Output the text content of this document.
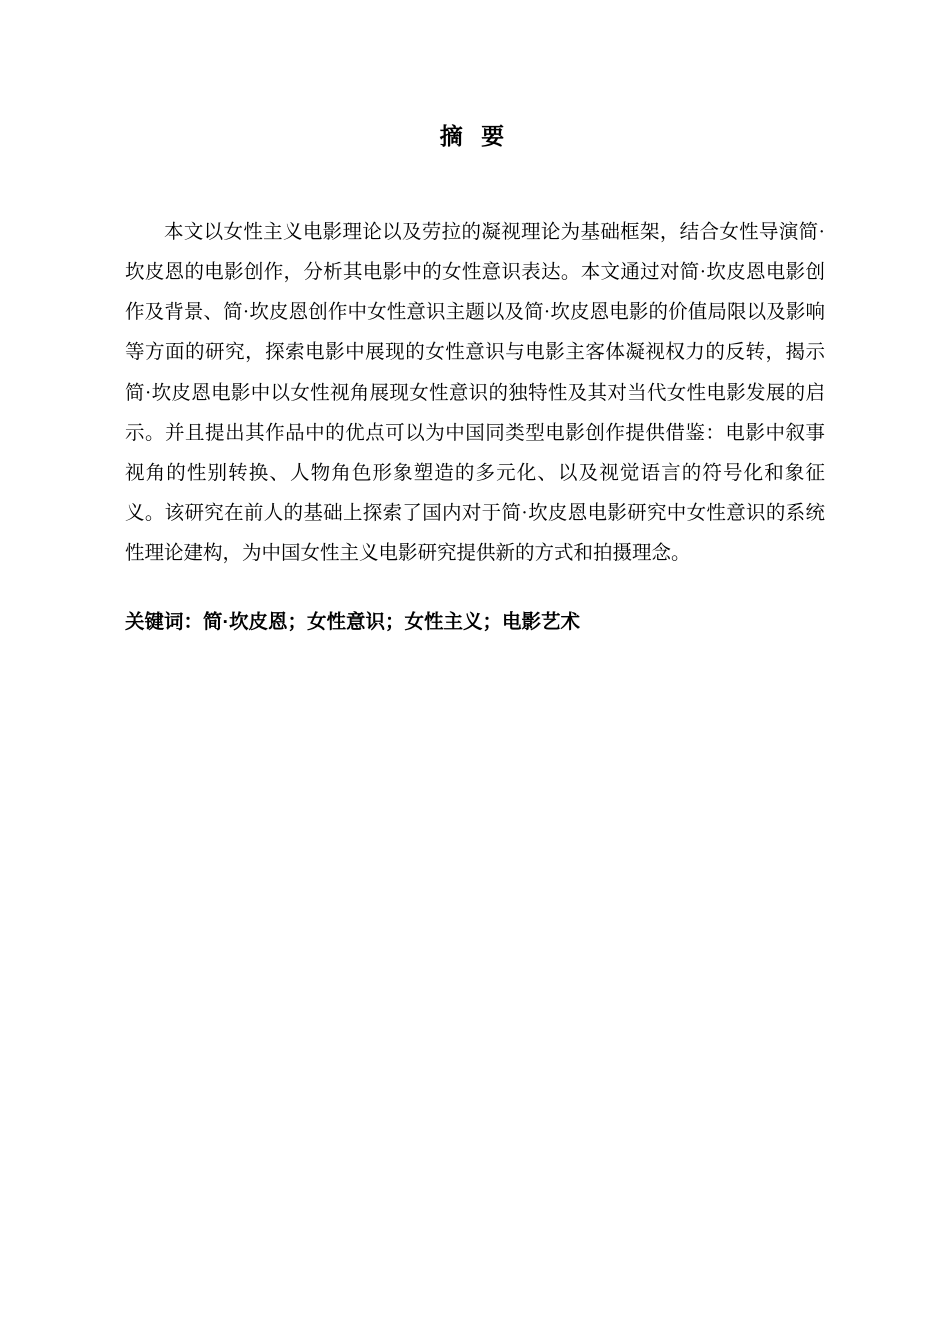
摘 要
本文以女性主义电影理论以及劳拉的凝视理论为基础框架，结合女性导演简·坎皮恩的电影创作，分析其电影中的女性意识表达。本文通过对简·坎皮恩电影创作及背景、简·坎皮恩创作中女性意识主题以及简·坎皮恩电影的价值局限以及影响等方面的研究，探索电影中展现的女性意识与电影主客体凝视权力的反转，揭示简·坎皮恩电影中以女性视角展现女性意识的独特性及其对当代女性电影发展的启示。并且提出其作品中的优点可以为中国同类型电影创作提供借鉴：电影中叙事视角的性别转换、人物角色形象塑造的多元化、以及视觉语言的符号化和象征义。该研究在前人的基础上探索了国内对于简·坎皮恩电影研究中女性意识的系统性理论建构，为中国女性主义电影研究提供新的方式和拍摄理念。
关键词：简·坎皮恩；女性意识；女性主义；电影艺术
